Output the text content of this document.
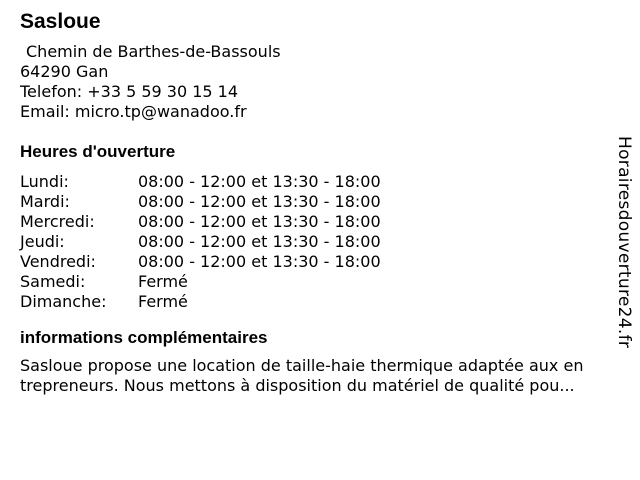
Sasloue
Chemin de Barthes-de-Bassouls
64290 Gan
Telefon: +33 5 59 30 15 14
Email: micro.tp@wanadoo.fr
Heures d'ouverture
Lundi:	08:00 - 12:00 et 13:30 - 18:00
Mardi:	08:00 - 12:00 et 13:30 - 18:00
Mercredi:	08:00 - 12:00 et 13:30 - 18:00
Jeudi:	08:00 - 12:00 et 13:30 - 18:00
Vendredi:	08:00 - 12:00 et 13:30 - 18:00
Samedi:	Fermé
Dimanche:	Fermé
informations complémentaires
Sasloue propose une location de taille-haie thermique adaptée aux en
trepreneurs. Nous mettons à disposition du matériel de qualité pou...
Horairesdouverture24.fr
